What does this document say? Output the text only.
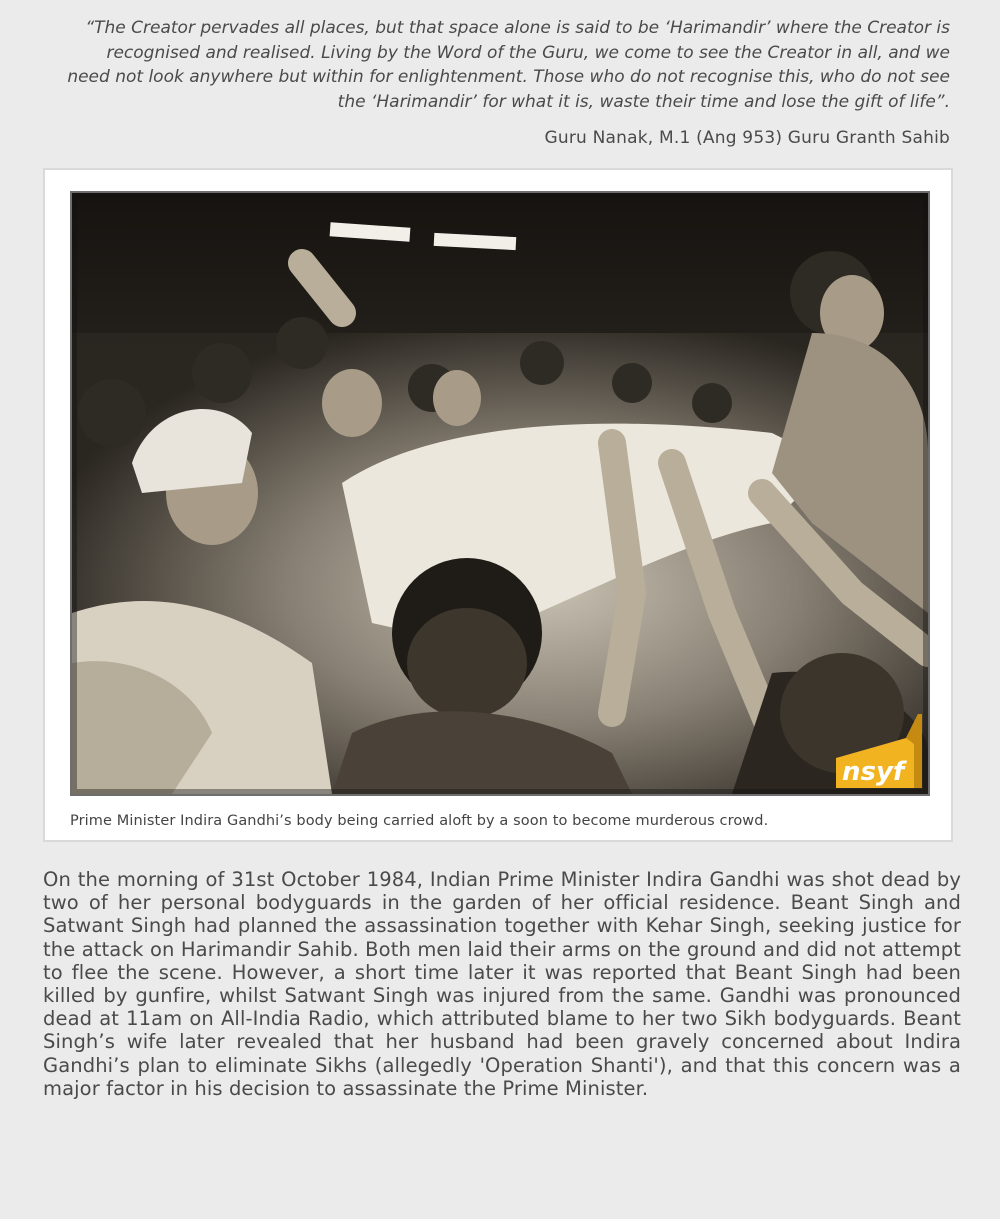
“The Creator pervades all places, but that space alone is said to be ‘Harimandir’ where the Creator is recognised and realised. Living by the Word of the Guru, we come to see the Creator in all, and we need not look anywhere but within for enlightenment. Those who do not recognise this, who do not see the ‘Harimandir’ for what it is, waste their time and lose the gift of life”.
Guru Nanak, M.1 (Ang 953) Guru Granth Sahib
nsyf
Prime Minister Indira Gandhi’s body being carried aloft by a soon to become murderous crowd.
On the morning of 31st October 1984, Indian Prime Minister Indira Gandhi was shot dead by two of her personal bodyguards in the garden of her official residence. Beant Singh and Satwant Singh had planned the assassination together with Kehar Singh, seeking justice for the attack on Harimandir Sahib. Both men laid their arms on the ground and did not attempt to flee the scene. However, a short time later it was reported that Beant Singh had been killed by gunfire, whilst Satwant Singh was injured from the same. Gandhi was pronounced dead at 11am on All-India Radio, which attributed blame to her two Sikh bodyguards. Beant Singh’s wife later revealed that her husband had been gravely concerned about Indira Gandhi’s plan to eliminate Sikhs (allegedly 'Operation Shanti'), and that this concern was a major factor in his decision to assassinate the Prime Minister.
